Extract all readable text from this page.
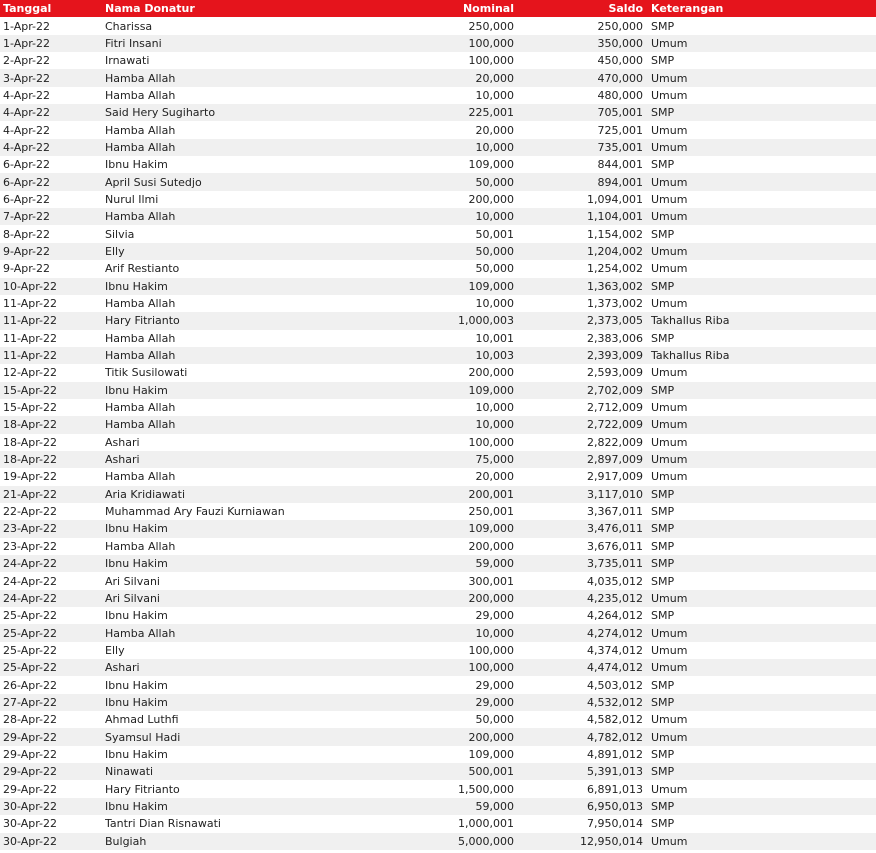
Tanggal	Nama Donatur	Nominal	Saldo	Keterangan
1-Apr-22	Charissa	250,000	250,000	SMP
1-Apr-22	Fitri Insani	100,000	350,000	Umum
2-Apr-22	Irnawati	100,000	450,000	SMP
3-Apr-22	Hamba Allah	20,000	470,000	Umum
4-Apr-22	Hamba Allah	10,000	480,000	Umum
4-Apr-22	Said Hery Sugiharto	225,001	705,001	SMP
4-Apr-22	Hamba Allah	20,000	725,001	Umum
4-Apr-22	Hamba Allah	10,000	735,001	Umum
6-Apr-22	Ibnu Hakim	109,000	844,001	SMP
6-Apr-22	April Susi Sutedjo	50,000	894,001	Umum
6-Apr-22	Nurul Ilmi	200,000	1,094,001	Umum
7-Apr-22	Hamba Allah	10,000	1,104,001	Umum
8-Apr-22	Silvia	50,001	1,154,002	SMP
9-Apr-22	Elly	50,000	1,204,002	Umum
9-Apr-22	Arif Restianto	50,000	1,254,002	Umum
10-Apr-22	Ibnu Hakim	109,000	1,363,002	SMP
11-Apr-22	Hamba Allah	10,000	1,373,002	Umum
11-Apr-22	Hary Fitrianto	1,000,003	2,373,005	Takhallus Riba
11-Apr-22	Hamba Allah	10,001	2,383,006	SMP
11-Apr-22	Hamba Allah	10,003	2,393,009	Takhallus Riba
12-Apr-22	Titik Susilowati	200,000	2,593,009	Umum
15-Apr-22	Ibnu Hakim	109,000	2,702,009	SMP
15-Apr-22	Hamba Allah	10,000	2,712,009	Umum
18-Apr-22	Hamba Allah	10,000	2,722,009	Umum
18-Apr-22	Ashari	100,000	2,822,009	Umum
18-Apr-22	Ashari	75,000	2,897,009	Umum
19-Apr-22	Hamba Allah	20,000	2,917,009	Umum
21-Apr-22	Aria Kridiawati	200,001	3,117,010	SMP
22-Apr-22	Muhammad Ary Fauzi Kurniawan	250,001	3,367,011	SMP
23-Apr-22	Ibnu Hakim	109,000	3,476,011	SMP
23-Apr-22	Hamba Allah	200,000	3,676,011	SMP
24-Apr-22	Ibnu Hakim	59,000	3,735,011	SMP
24-Apr-22	Ari Silvani	300,001	4,035,012	SMP
24-Apr-22	Ari Silvani	200,000	4,235,012	Umum
25-Apr-22	Ibnu Hakim	29,000	4,264,012	SMP
25-Apr-22	Hamba Allah	10,000	4,274,012	Umum
25-Apr-22	Elly	100,000	4,374,012	Umum
25-Apr-22	Ashari	100,000	4,474,012	Umum
26-Apr-22	Ibnu Hakim	29,000	4,503,012	SMP
27-Apr-22	Ibnu Hakim	29,000	4,532,012	SMP
28-Apr-22	Ahmad Luthfi	50,000	4,582,012	Umum
29-Apr-22	Syamsul Hadi	200,000	4,782,012	Umum
29-Apr-22	Ibnu Hakim	109,000	4,891,012	SMP
29-Apr-22	Ninawati	500,001	5,391,013	SMP
29-Apr-22	Hary Fitrianto	1,500,000	6,891,013	Umum
30-Apr-22	Ibnu Hakim	59,000	6,950,013	SMP
30-Apr-22	Tantri Dian Risnawati	1,000,001	7,950,014	SMP
30-Apr-22	Bulgiah	5,000,000	12,950,014	Umum
